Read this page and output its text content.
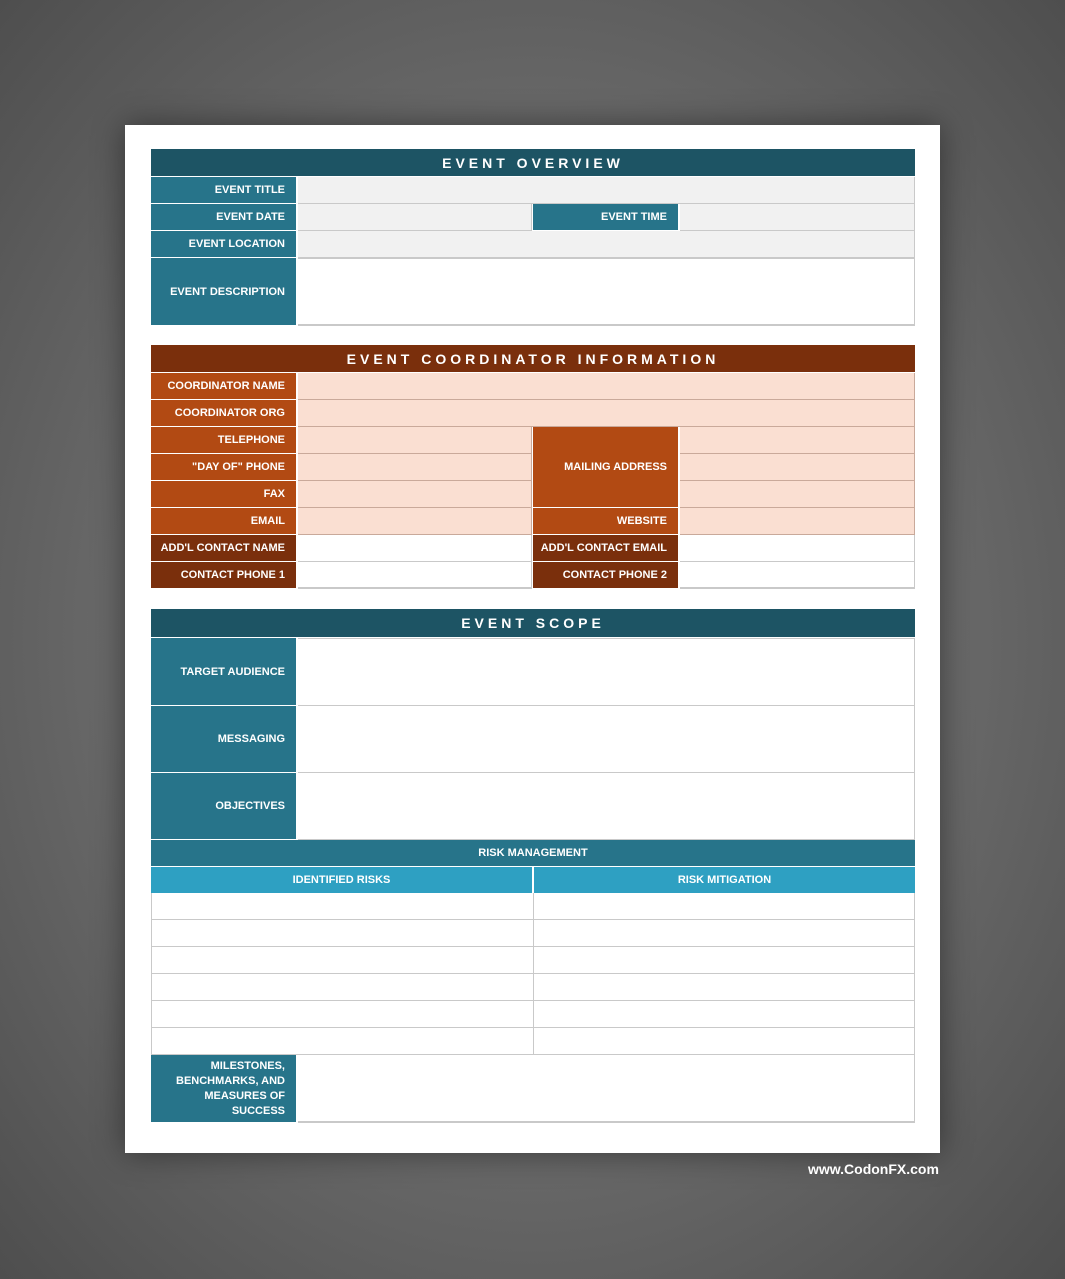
EVENT OVERVIEW
EVENT TITLE
EVENT DATE	EVENT TIME
EVENT LOCATION
EVENT DESCRIPTION
EVENT COORDINATOR INFORMATION
COORDINATOR NAME
COORDINATOR ORG
TELEPHONE
"DAY OF" PHONE
FAX
MAILING ADDRESS
EMAIL	WEBSITE
ADD'L CONTACT NAME	ADD'L CONTACT EMAIL
CONTACT PHONE 1	CONTACT PHONE 2
EVENT SCOPE
TARGET AUDIENCE
MESSAGING
OBJECTIVES
RISK MANAGEMENT
IDENTIFIED RISKS	RISK MITIGATION
MILESTONES, BENCHMARKS, AND MEASURES OF SUCCESS
www.CodonFX.com
